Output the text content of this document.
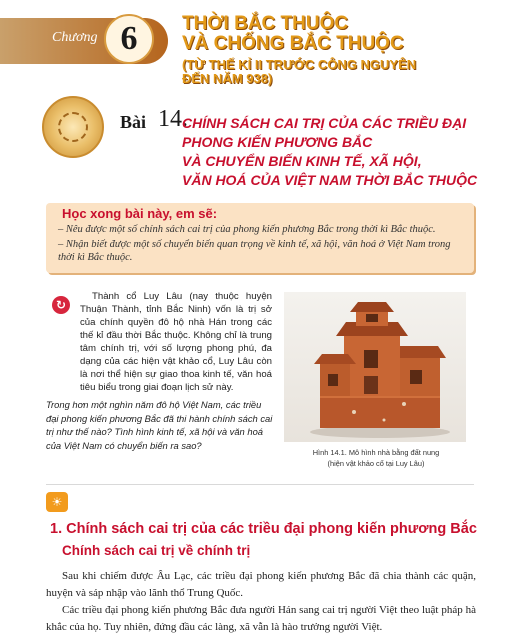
Chương 6	THỜI BẮC THUỘC
VÀ CHỐNG BẮC THUỘC
(TỪ THẾ KỈ II TRƯỚC CÔNG NGUYÊN
ĐẾN NĂM 938)
Bài 14.
CHÍNH SÁCH CAI TRỊ CỦA CÁC TRIỀU ĐẠI
PHONG KIẾN PHƯƠNG BẮC
VÀ CHUYỂN BIẾN KINH TẾ, XÃ HỘI,
VĂN HOÁ CỦA VIỆT NAM THỜI BẮC THUỘC
Học xong bài này, em sẽ:
– Nêu được một số chính sách cai trị của phong kiến phương Bắc trong thời kì Bắc thuộc.
– Nhận biết được một số chuyển biến quan trọng về kinh tế, xã hội, văn hoá ở Việt Nam trong thời kì Bắc thuộc.
↻
Thành cổ Luy Lâu (nay thuộc huyện Thuận Thành, tỉnh Bắc Ninh) vốn là trị sở của chính quyền đô hộ nhà Hán trong các thế kỉ đầu thời Bắc thuộc. Không chỉ là trung tâm chính trị, với số lượng phong phú, đa dạng của các hiện vật khảo cổ, Luy Lâu còn là nơi thể hiện sự giao thoa kinh tế, văn hoá tiêu biểu trong giai đoạn lịch sử này.
Trong hơn một nghìn năm đô hộ Việt Nam, các triều đại phong kiến phương Bắc đã thi hành chính sách cai trị như thế nào? Tình hình kinh tế, xã hội và văn hoá của Việt Nam có chuyển biến ra sao?
Hình 14.1. Mô hình nhà bằng đất nung
(hiện vật khảo cổ tại Luy Lâu)
☀
1. Chính sách cai trị của các triều đại phong kiến phương Bắc
Chính sách cai trị về chính trị
Sau khi chiếm được Âu Lạc, các triều đại phong kiến phương Bắc đã chia thành các quận, huyện và sáp nhập vào lãnh thổ Trung Quốc.
Các triều đại phong kiến phương Bắc đưa người Hán sang cai trị người Việt theo luật pháp hà khắc của họ. Tuy nhiên, đứng đầu các làng, xã vẫn là hào trưởng người Việt.
